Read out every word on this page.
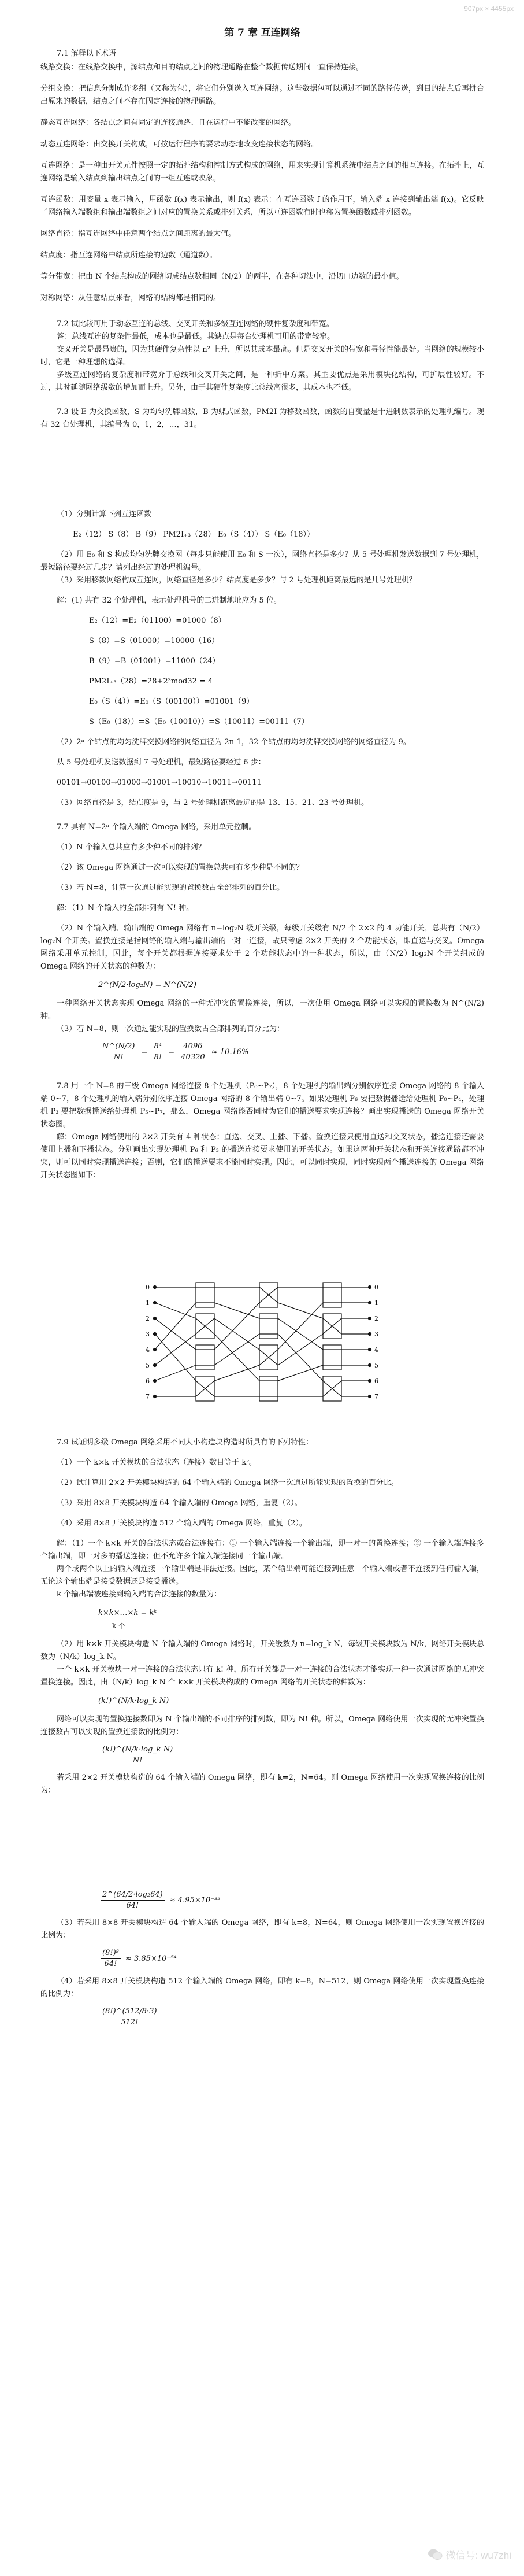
907px × 4455px
第 7 章 互连网络
7.1 解释以下术语

线路交换：在线路交换中，源结点和目的结点之间的物理通路在整个数据传送期间一直保持连接。

分组交换：把信息分割成许多组（又称为包），将它们分别送入互连网络。这些数据包可以通过不同的路径传送，到目的结点后再拼合出原来的数据，结点之间不存在固定连接的物理通路。

静态互连网络：各结点之间有固定的连接通路、且在运行中不能改变的网络。

动态互连网络：由交换开关构成，可按运行程序的要求动态地改变连接状态的网络。

互连网络：是一种由开关元件按照一定的拓扑结构和控制方式构成的网络，用来实现计算机系统中结点之间的相互连接。在拓扑上，互连网络是输入结点到输出结点之间的一组互连或映象。

互连函数：用变量 x 表示输入，用函数 f(x) 表示输出，则 f(x) 表示：在互连函数 f 的作用下，输入端 x 连接到输出端 f(x)。它反映了网络输入端数组和输出端数组之间对应的置换关系或排列关系，所以互连函数有时也称为置换函数或排列函数。

网络直径：指互连网络中任意两个结点之间距离的最大值。

结点度：指互连网络中结点所连接的边数（通道数）。

等分带宽：把由 N 个结点构成的网络切成结点数相同（N/2）的两半，在各种切法中，沿切口边数的最小值。

对称网络：从任意结点来看，网络的结构都是相同的。

7.2 试比较可用于动态互连的总线、交叉开关和多级互连网络的硬件复杂度和带宽。

答：总线互连的复杂性最低，成本也是最低。其缺点是每台处理机可用的带宽较窄。

交叉开关是最昂贵的，因为其硬件复杂性以 n² 上升，所以其成本最高。但是交叉开关的带宽和寻径性能最好。当网络的规模较小时，它是一种理想的选择。

多级互连网络的复杂度和带宽介于总线和交叉开关之间，是一种折中方案。其主要优点是采用模块化结构，可扩展性较好。不过，其时延随网络级数的增加而上升。另外，由于其硬件复杂度比总线高很多，其成本也不低。

7.3 设 E 为交换函数，S 为均匀洗牌函数，B 为蝶式函数，PM2I 为移数函数，函数的自变量是十进制数表示的处理机编号。现有 32 台处理机，其编号为 0，1，2，…，31。

（1）分别计算下列互连函数

E₂（12） S（8） B（9） PM2I₊₃（28） E₀（S（4）） S（E₀（18））

（2）用 E₀ 和 S 构成均匀洗牌交换网（每步只能使用 E₀ 和 S 一次），网络直径是多少？从 5 号处理机发送数据到 7 号处理机，最短路径要经过几步？请列出经过的处理机编号。

（3）采用移数网络构成互连网，网络直径是多少？结点度是多少？与 2 号处理机距离最远的是几号处理机？

解：(1) 共有 32 个处理机，表示处理机号的二进制地址应为 5 位。

E₂（12）=E₂（01100）=01000（8）

S（8）=S（01000）=10000（16）

B（9）=B（01001）=11000（24）

PM2I₊₃（28）=28+2³mod32 = 4

E₀（S（4））=E₀（S（00100））=01001（9）

S（E₀（18））=S（E₀（10010））=S（10011）=00111（7）

（2）2ⁿ 个结点的均匀洗牌交换网络的网络直径为 2n-1，32 个结点的均匀洗牌交换网络的网络直径为 9。

从 5 号处理机发送数据到 7 号处理机，最短路径要经过 6 步：

00101→00100→01000→01001→10010→10011→00111

（3）网络直径是 3，结点度是 9，与 2 号处理机距离最远的是 13、15、21、23 号处理机。

7.7 具有 N=2ⁿ 个输入端的 Omega 网络，采用单元控制。

（1）N 个输入总共应有多少种不同的排列？

（2）该 Omega 网络通过一次可以实现的置换总共可有多少种是不同的？

（3）若 N=8，计算一次通过能实现的置换数占全部排列的百分比。

解：（1）N 个输入的全部排列有 N! 种。

（2）N 个输入端、输出端的 Omega 网络有 n=log₂N 级开关级，每级开关级有 N/2 个 2×2 的 4 功能开关，总共有（N/2）log₂N 个开关。置换连接是指网络的输入端与输出端的一对一连接，故只考虑 2×2 开关的 2 个功能状态，即直送与交叉。Omega 网络采用单元控制，因此，每个开关都根据连接要求处于 2 个功能状态中的一种状态，所以，由（N/2）log₂N 个开关组成的 Omega 网络的开关状态的种数为：

2^(N/2·log₂N) = N^(N/2)

一种网络开关状态实现 Omega 网络的一种无冲突的置换连接，所以，一次使用 Omega 网络可以实现的置换数为 N^(N/2) 种。

（3）若 N=8，则一次通过能实现的置换数占全部排列的百分比为：

$\frac{N\^{}(N/2)}{N!} = \frac{\text{8⁴}}{8!} = \frac{4096}{40320} \approx 10.16\%$

7.8 用一个 N=8 的三级 Omega 网络连接 8 个处理机（P₀~P₇），8 个处理机的输出端分别依序连接 Omega 网络的 8 个输入端 0~7，8 个处理机的输入端分别依序连接 Omega 网络的 8 个输出端 0~7。如果处理机 P₆ 要把数据播送给处理机 P₀~P₄，处理机 P₃ 要把数据播送给处理机 P₅~P₇，那么，Omega 网络能否同时为它们的播送要求实现连接？画出实现播送的 Omega 网络开关状态图。

解：Omega 网络使用的 2×2 开关有 4 种状态：直送、交叉、上播、下播。置换连接只使用直送和交叉状态，播送连接还需要使用上播和下播状态。分别画出实现处理机 P₆ 和 P₃ 的播送连接要求使用的开关状态。如果这两种开关状态和开关连接通路都不冲突，则可以同时实现播送连接；否则，它们的播送要求不能同时实现。因此，可以同时实现，同时实现两个播送连接的 Omega 网络开关状态图如下：

0
1
2
3
4
5
6
7
0
1
2
3
4
5
6
7

7.9 试证明多级 Omega 网络采用不同大小构造块构造时所具有的下列特性：

（1）一个 k×k 开关模块的合法状态（连接）数目等于 kᵏ。

（2）试计算用 2×2 开关模块构造的 64 个输入端的 Omega 网络一次通过所能实现的置换的百分比。

（3）采用 8×8 开关模块构造 64 个输入端的 Omega 网络，重复（2）。

（4）采用 8×8 开关模块构造 512 个输入端的 Omega 网络，重复（2）。

解：（1）一个 k×k 开关的合法状态或合法连接有：① 一个输入端连接一个输出端，即一对一的置换连接；② 一个输入端连接多个输出端，即一对多的播送连接；但不允许多个输入端连接同一个输出端。

两个或两个以上的输入端连接一个输出端是非法连接。因此，某个输出端可能连接到任意一个输入端或者不连接到任何输入端，无论这个输出端是接受数据还是接受播送。

k 个输出端被连接到输入端的合法连接的数量为：

k×k×…×k = kᵏ
k 个

（2）用 k×k 开关模块构造 N 个输入端的 Omega 网络时，开关级数为 n=log_k N，每级开关模块数为 N/k，网络开关模块总数为（N/k）log_k N。

一个 k×k 开关模块一对一连接的合法状态只有 k! 种，所有开关都是一对一连接的合法状态才能实现一种一次通过网络的无冲突置换连接。因此，由（N/k）log_k N 个 k×k 开关模块构成的 Omega 网络的开关状态的种数为：

(k!)^(N/k·log_k N)

网络可以实现的置换连接数即为 N 个输出端的不同排序的排列数，即为 N! 种。所以，Omega 网络使用一次实现的无冲突置换连接数占可以实现的置换连接数的比例为：

$\frac{\text{(k!)\textasciicircum{}(N/k·log\_k N)}}{N!}$

若采用 2×2 开关模块构造的 64 个输入端的 Omega 网络，即有 k=2，N=64。则 Omega 网络使用一次实现置换连接的比例为：

$\frac{\text{2\textasciicircum{}(64/2·log₂64)}}{64!} \approx 4.95\times 10^{-32}$

（3）若采用 8×8 开关模块构造 64 个输入端的 Omega 网络，即有 k=8，N=64，则 Omega 网络使用一次实现置换连接的比例为：

$\frac{\text{(8!)⁸}}{64!} \approx 3.85\times 10^{-54}$

（4）若采用 8×8 开关模块构造 512 个输入端的 Omega 网络，即有 k=8，N=512，则 Omega 网络使用一次实现置换连接的比例为：

$\frac{(8!)\^{}(512/8\cdot 3)}{512!}$
微信号: wu7zhi
